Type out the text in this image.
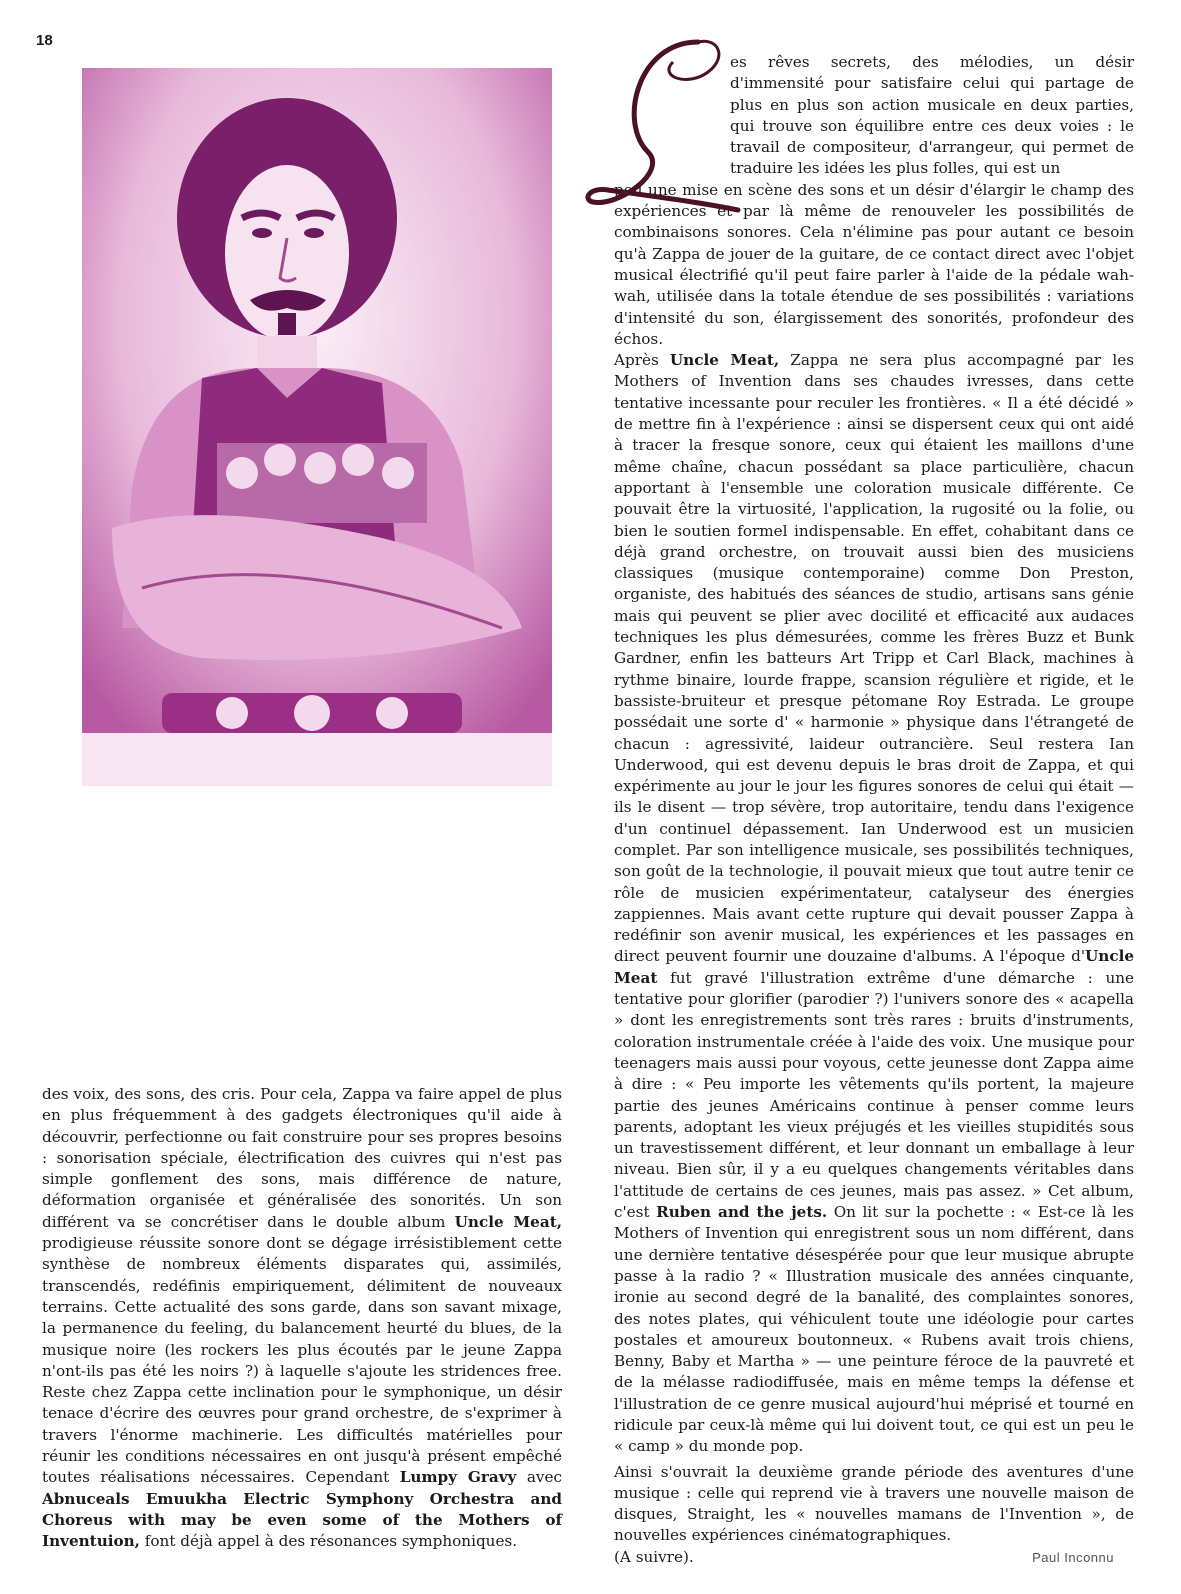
18	L

es rêves secrets, des mélodies, un désir d'immensité pour satisfaire celui qui partage de plus en plus son action musicale en deux parties, qui trouve son équilibre entre ces deux voies : le travail de compositeur, d'arrangeur, qui permet de traduire les idées les plus folles, qui est un

peu une mise en scène des sons et un désir d'élargir le champ des expériences et par là même de renouveler les possibilités de combinaisons sonores. Cela n'élimine pas pour autant ce besoin qu'à Zappa de jouer de la guitare, de ce contact direct avec l'objet musical électrifié qu'il peut faire parler à l'aide de la pédale wah-wah, utilisée dans la totale étendue de ses possibilités : variations d'intensité du son, élargissement des sonorités, profondeur des échos.

Après Uncle Meat, Zappa ne sera plus accompagné par les Mothers of Invention dans ses chaudes ivresses, dans cette tentative incessante pour reculer les frontières. « Il a été décidé » de mettre fin à l'expérience : ainsi se dispersent ceux qui ont aidé à tracer la fresque sonore, ceux qui étaient les maillons d'une même chaîne, chacun possédant sa place particulière, chacun apportant à l'ensemble une coloration musicale différente. Ce pouvait être la virtuosité, l'application, la rugosité ou la folie, ou bien le soutien formel indispensable. En effet, cohabitant dans ce déjà grand orchestre, on trouvait aussi bien des musiciens classiques (musique contemporaine) comme Don Preston, organiste, des habitués des séances de studio, artisans sans génie mais qui peuvent se plier avec docilité et efficacité aux audaces techniques les plus démesurées, comme les frères Buzz et Bunk Gardner, enfin les batteurs Art Tripp et Carl Black, machines à rythme binaire, lourde frappe, scansion régulière et rigide, et le bassiste-bruiteur et presque pétomane Roy Estrada. Le groupe possédait une sorte d' « harmonie » physique dans l'étrangeté de chacun : agressivité, laideur outrancière. Seul restera Ian Underwood, qui est devenu depuis le bras droit de Zappa, et qui expérimente au jour le jour les figures sonores de celui qui était — ils le disent — trop sévère, trop autoritaire, tendu dans l'exigence d'un continuel dépassement. Ian Underwood est un musicien complet. Par son intelligence musicale, ses possibilités techniques, son goût de la technologie, il pouvait mieux que tout autre tenir ce rôle de musicien expérimentateur, catalyseur des énergies zappiennes. Mais avant cette rupture qui devait pousser Zappa à redéfinir son avenir musical, les expériences et les passages en direct peuvent fournir une douzaine d'albums. A l'époque d'Uncle Meat fut gravé l'illustration extrême d'une démarche : une tentative pour glorifier (parodier ?) l'univers sonore des « acapella » dont les enregistrements sont très rares : bruits d'instruments, coloration instrumentale créée à l'aide des voix. Une musique pour teenagers mais aussi pour voyous, cette jeunesse dont Zappa aime à dire : « Peu importe les vêtements qu'ils portent, la majeure partie des jeunes Américains continue à penser comme leurs parents, adoptant les vieux préjugés et les vieilles stupidités sous un travestissement différent, et leur donnant un emballage à leur niveau. Bien sûr, il y a eu quelques changements véritables dans l'attitude de certains de ces jeunes, mais pas assez. » Cet album, c'est Ruben and the jets. On lit sur la pochette : « Est-ce là les Mothers of Invention qui enregistrent sous un nom différent, dans une dernière tentative désespérée pour que leur musique abrupte passe à la radio ? « Illustration musicale des années cinquante, ironie au second degré de la banalité, des complaintes sonores, des notes plates, qui véhiculent toute une idéologie pour cartes postales et amoureux boutonneux. « Rubens avait trois chiens, Benny, Baby et Martha » — une peinture féroce de la pauvreté et de la mélasse radiodiffusée, mais en même temps la défense et l'illustration de ce genre musical aujourd'hui méprisé et tourné en ridicule par ceux-là même qui lui doivent tout, ce qui est un peu le « camp » du monde pop.

Ainsi s'ouvrait la deuxième grande période des aventures d'une musique : celle qui reprend vie à travers une nouvelle maison de disques, Straight, les « nouvelles mamans de l'Invention », de nouvelles expériences cinématographiques.

(A suivre).	Paul Inconnu

des voix, des sons, des cris. Pour cela, Zappa va faire appel de plus en plus fréquemment à des gadgets électroniques qu'il aide à découvrir, perfectionne ou fait construire pour ses propres besoins : sonorisation spéciale, électrification des cuivres qui n'est pas simple gonflement des sons, mais différence de nature, déformation organisée et généralisée des sonorités. Un son différent va se concrétiser dans le double album Uncle Meat, prodigieuse réussite sonore dont se dégage irrésistiblement cette synthèse de nombreux éléments disparates qui, assimilés, transcendés, redéfinis empiriquement, délimitent de nouveaux terrains. Cette actualité des sons garde, dans son savant mixage, la permanence du feeling, du balancement heurté du blues, de la musique noire (les rockers les plus écoutés par le jeune Zappa n'ont-ils pas été les noirs ?) à laquelle s'ajoute les stridences free. Reste chez Zappa cette inclination pour le symphonique, un désir tenace d'écrire des œuvres pour grand orchestre, de s'exprimer à travers l'énorme machinerie. Les difficultés matérielles pour réunir les conditions nécessaires en ont jusqu'à présent empêché toutes réalisations nécessaires. Cependant Lumpy Gravy avec Abnuceals Emuukha Electric Symphony Orchestra and Choreus with may be even some of the Mothers of Inventuion, font déjà appel à des résonances symphoniques.
